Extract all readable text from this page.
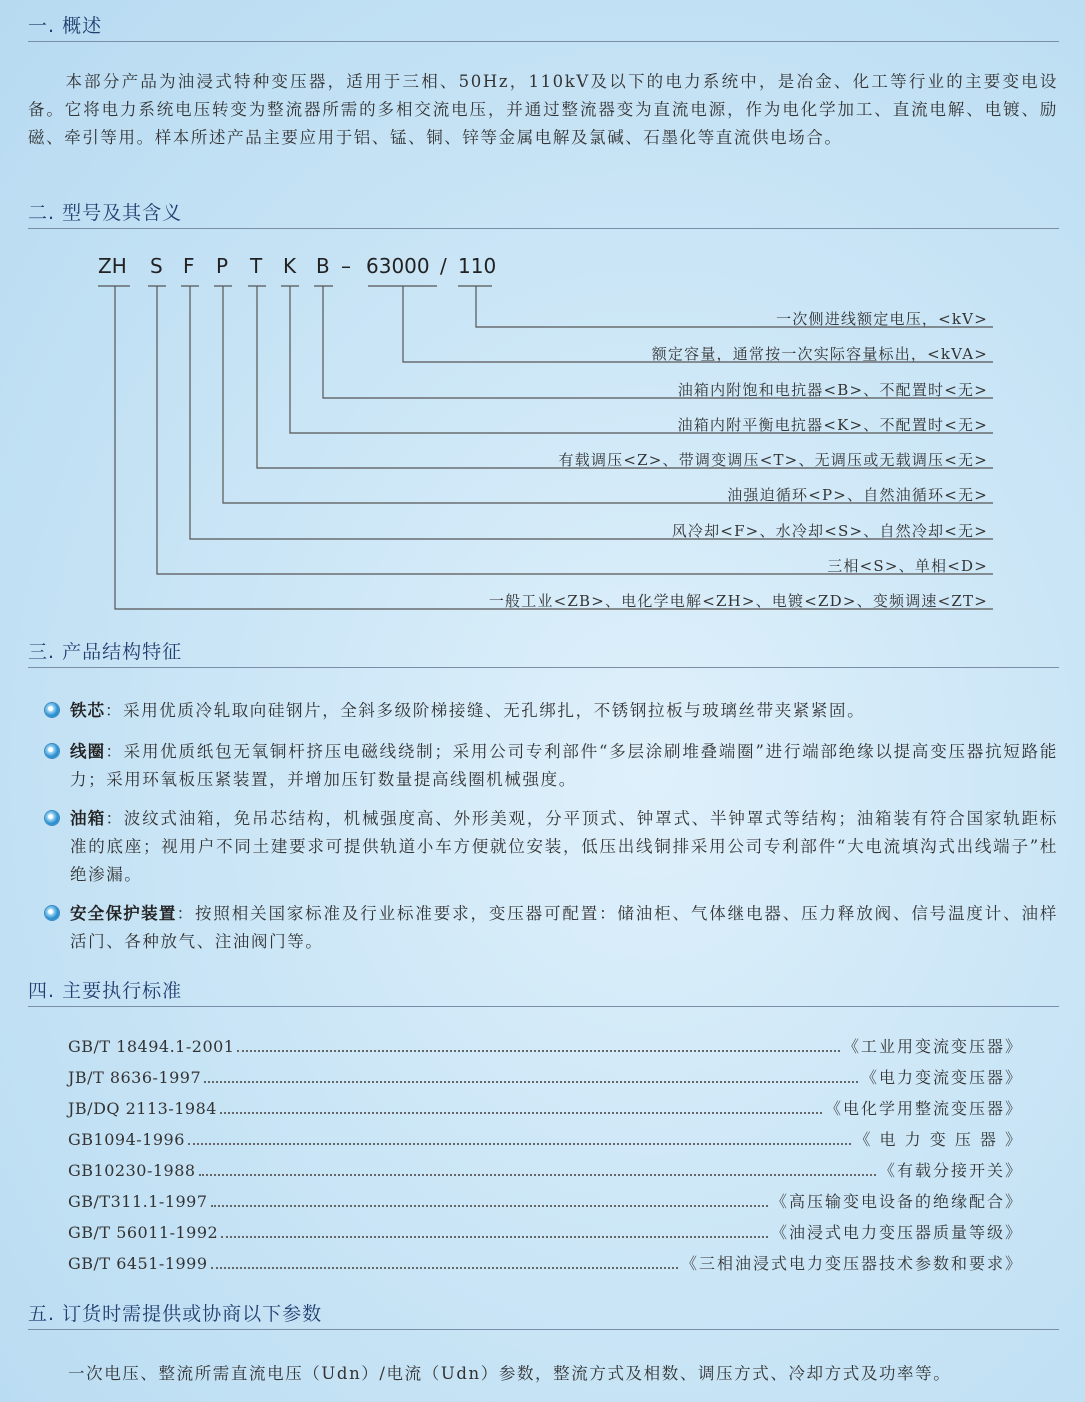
一. 概述

　　本部分产品为油浸式特种变压器，适用于三相、50Hz，110kV及以下的电力系统中，是冶金、化工等行业的主要变电设备。它将电力系统电压转变为整流器所需的多相交流电压，并通过整流器变为直流电源，作为电化学加工、直流电解、电镀、励磁、牵引等用。样本所述产品主要应用于铝、锰、铜、锌等金属电解及氯碱、石墨化等直流供电场合。

二. 型号及其含义
ZH S F P T K B – 63000 / 110
一次侧进线额定电压，<kV>
额定容量，通常按一次实际容量标出，<kVA>
油箱内附饱和电抗器<B>、不配置时<无>
油箱内附平衡电抗器<K>、不配置时<无>
有载调压<Z>、带调变调压<T>、无调压或无载调压<无>
油强迫循环<P>、自然油循环<无>
风冷却<F>、水冷却<S>、自然冷却<无>
三相<S>、单相<D>
一般工业<ZB>、电化学电解<ZH>、电镀<ZD>、变频调速<ZT>
三. 产品结构特征

铁芯：采用优质冷轧取向硅钢片，全斜多级阶梯接缝、无孔绑扎，不锈钢拉板与玻璃丝带夹紧紧固。

线圈：采用优质纸包无氧铜杆挤压电磁线绕制；采用公司专利部件“多层涂刷堆叠端圈”进行端部绝缘以提高变压器抗短路能力；采用环氧板压紧装置，并增加压钉数量提高线圈机械强度。

油箱：波纹式油箱，免吊芯结构，机械强度高、外形美观，分平顶式、钟罩式、半钟罩式等结构；油箱装有符合国家轨距标准的底座；视用户不同土建要求可提供轨道小车方便就位安装，低压出线铜排采用公司专利部件“大电流填沟式出线端子”杜绝渗漏。

安全保护装置：按照相关国家标准及行业标准要求，变压器可配置：储油柜、气体继电器、压力释放阀、信号温度计、油样活门、各种放气、注油阀门等。

四. 主要执行标准
GB/T 18494.1-2001	《工业用变流变压器》
JB/T 8636-1997	《电力变流变压器》
JB/DQ 2113-1984	《电化学用整流变压器》
GB1094-1996	《 电 力 变 压 器 》
GB10230-1988	《有载分接开关》
GB/T311.1-1997	《高压输变电设备的绝缘配合》
GB/T 56011-1992	《油浸式电力变压器质量等级》
GB/T 6451-1999	《三相油浸式电力变压器技术参数和要求》
五. 订货时需提供或协商以下参数

一次电压、整流所需直流电压（Udn）/电流（Udn）参数，整流方式及相数、调压方式、冷却方式及功率等。
